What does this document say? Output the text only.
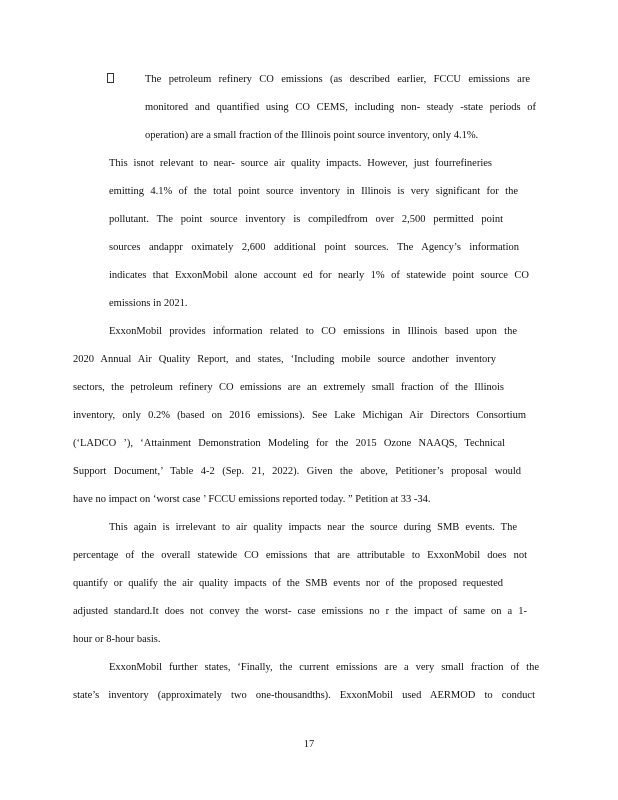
The petroleum refinery CO emissions (as described earlier, FCCU emissions are
monitored and quantified using CO CEMS, including non- steady -state periods of
operation) are a small fraction of the Illinois point source inventory, only 4.1%.
This isnot relevant to near- source air quality impacts. However, just fourrefineries
emitting 4.1% of the total point source inventory in Illinois is very significant for the
pollutant. The point source inventory is compiledfrom over 2,500 permitted point
sources andappr oximately 2,600 additional point sources. The Agency’s information
indicates that ExxonMobil alone account ed for nearly 1% of statewide point source CO
emissions in 2021.
ExxonMobil provides information related to CO emissions in Illinois based upon the
2020 Annual Air Quality Report, and states, ‘Including mobile source andother inventory
sectors, the petroleum refinery CO emissions are an extremely small fraction of the Illinois
inventory, only 0.2% (based on 2016 emissions). See Lake Michigan Air Directors Consortium
(‘LADCO ’), ‘Attainment Demonstration Modeling for the 2015 Ozone NAAQS, Technical
Support Document,’ Table 4-2 (Sep. 21, 2022). Given the above, Petitioner’s proposal would
have no impact on ‘worst case ’ FCCU emissions reported today. ” Petition at 33 -34.
This again is irrelevant to air quality impacts near the source during SMB events. The
percentage of the overall statewide CO emissions that are attributable to ExxonMobil does not
quantify or qualify the air quality impacts of the SMB events nor of the proposed requested
adjusted standard.It does not convey the worst- case emissions no r the impact of same on a 1-
hour or 8-hour basis.
ExxonMobil further states, ‘Finally, the current emissions are a very small fraction of the
state’s inventory (approximately two one-thousandths). ExxonMobil used AERMOD to conduct
17
